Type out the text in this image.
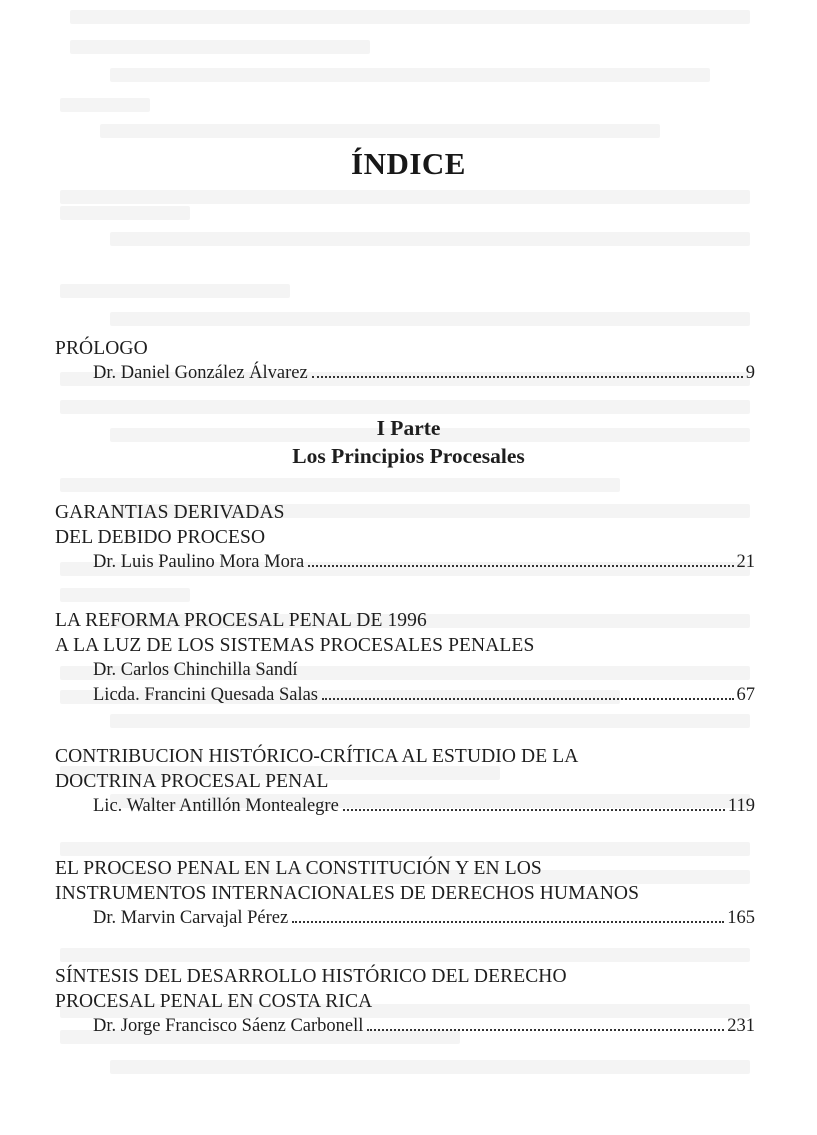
ÍNDICE
PRÓLOGO
Dr. Daniel González Álvarez	9
I Parte
Los Principios Procesales
GARANTIAS DERIVADAS
DEL DEBIDO PROCESO
Dr. Luis Paulino Mora Mora	21
LA REFORMA PROCESAL PENAL DE 1996
A LA LUZ DE LOS SISTEMAS PROCESALES PENALES
Dr. Carlos Chinchilla Sandí
Licda. Francini Quesada Salas	67
CONTRIBUCION HISTÓRICO-CRÍTICA AL ESTUDIO DE LA
DOCTRINA PROCESAL PENAL
Lic. Walter Antillón Montealegre	119
EL PROCESO PENAL EN LA CONSTITUCIÓN Y EN LOS
INSTRUMENTOS INTERNACIONALES DE DERECHOS HUMANOS
Dr. Marvin Carvajal Pérez	165
SÍNTESIS DEL DESARROLLO HISTÓRICO DEL DERECHO
PROCESAL PENAL EN COSTA RICA
Dr. Jorge Francisco Sáenz Carbonell	231
